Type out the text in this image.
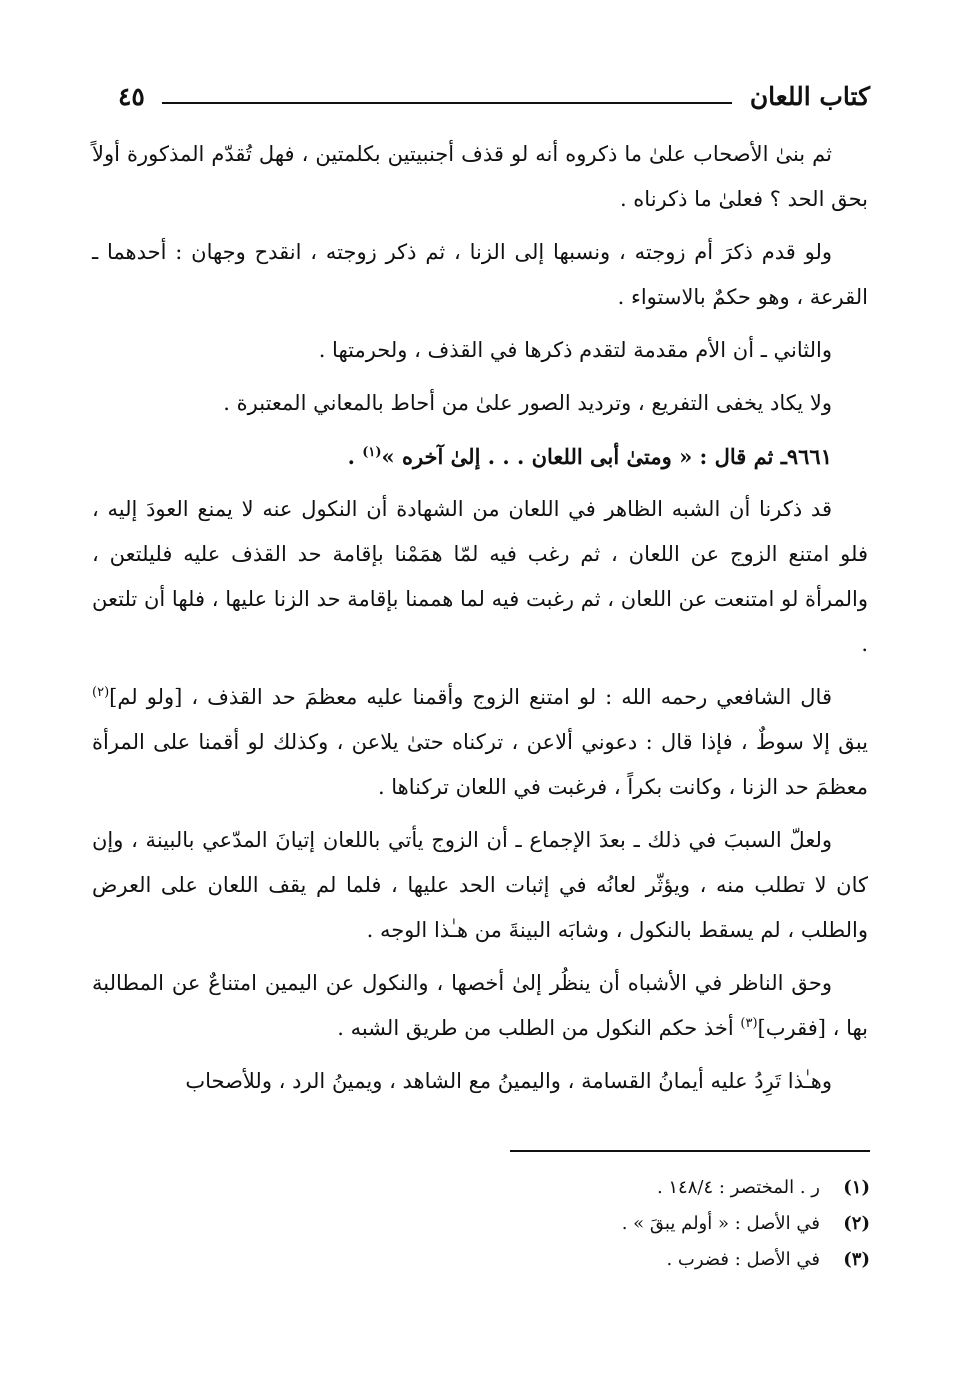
كتاب اللعان
٤٥

ثم بنىٰ الأصحاب علىٰ ما ذكروه أنه لو قذف أجنبيتين بكلمتين ، فهل تُقدّم المذكورة أولاً بحق الحد ؟ فعلىٰ ما ذكرناه .

ولو قدم ذكرَ أم زوجته ، ونسبها إلى الزنا ، ثم ذكر زوجته ، انقدح وجهان : أحدهما ـ القرعة ، وهو حكمٌ بالاستواء .

والثاني ـ أن الأم مقدمة لتقدم ذكرها في القذف ، ولحرمتها .

ولا يكاد يخفى التفريع ، وترديد الصور علىٰ من أحاط بالمعاني المعتبرة .

٩٦٦١ـ ثم قال : « ومتىٰ أبى اللعان . . . إلىٰ آخره »$^{(١)}$ .

قد ذكرنا أن الشبه الظاهر في اللعان من الشهادة أن النكول عنه لا يمنع العودَ إليه ، فلو امتنع الزوج عن اللعان ، ثم رغب فيه لمّا همَمْنا بإقامة حد القذف عليه فليلتعن ، والمرأة لو امتنعت عن اللعان ، ثم رغبت فيه لما هممنا بإقامة حد الزنا عليها ، فلها أن تلتعن .

قال الشافعي رحمه الله : لو امتنع الزوج وأقمنا عليه معظمَ حد القذف ، [ولو لم]$^{(٢)}$ يبق إلا سوطٌ ، فإذا قال : دعوني ألاعن ، تركناه حتىٰ يلاعن ، وكذلك لو أقمنا على المرأة معظمَ حد الزنا ، وكانت بكراً ، فرغبت في اللعان تركناها .

ولعلّ السببَ في ذلك ـ بعدَ الإجماع ـ أن الزوج يأتي باللعان إتيانَ المدّعي بالبينة ، وإن كان لا تطلب منه ، ويؤثّر لعانُه في إثبات الحد عليها ، فلما لم يقف اللعان على العرض والطلب ، لم يسقط بالنكول ، وشابَه البينةَ من هـٰذا الوجه .

وحق الناظر في الأشباه أن ينظُر إلىٰ أخصها ، والنكول عن اليمين امتناعٌ عن المطالبة بها ، [فقرب]$^{(٣)}$ أخذ حكم النكول من الطلب من طريق الشبه .

وهـٰذا تَرِدُ عليه أيمانُ القسامة ، واليمينُ مع الشاهد ، ويمينُ الرد ، وللأصحاب

(١)
ر . المختصر : ١٤٨/٤ .
(٢)
في الأصل : « أولم يبقَ » .
(٣)
في الأصل : فضرب .
